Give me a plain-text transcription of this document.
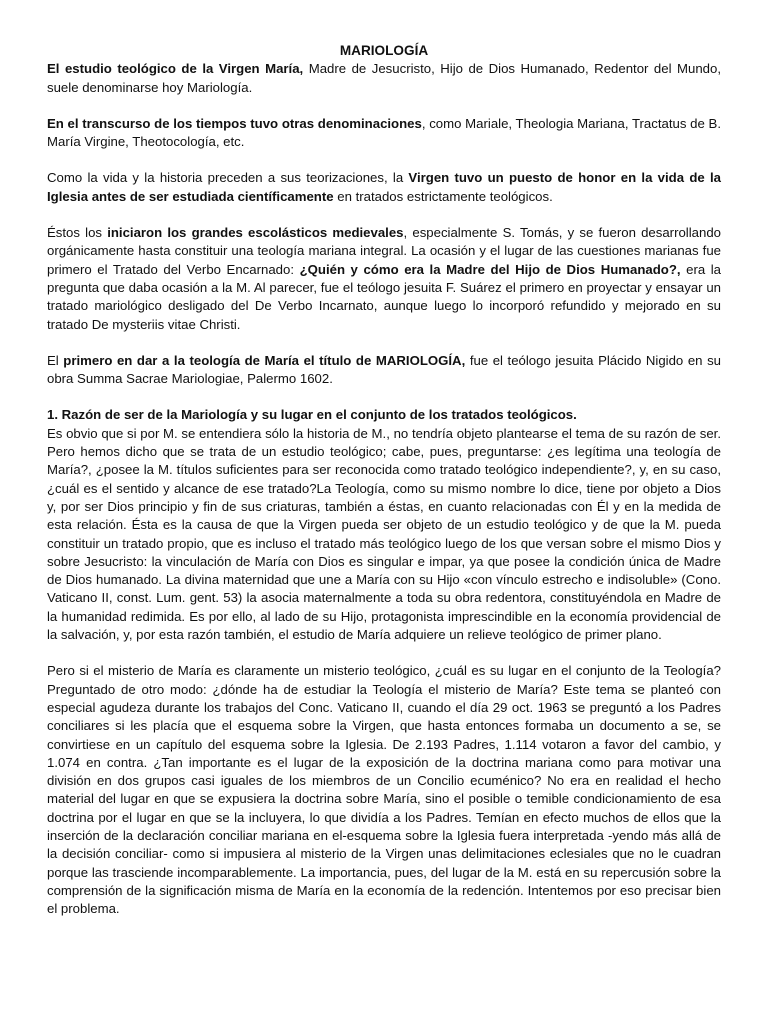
MARIOLOGÍA

El estudio teológico de la Virgen María, Madre de Jesucristo, Hijo de Dios Humanado, Redentor del Mundo, suele denominarse hoy Mariología.

En el transcurso de los tiempos tuvo otras denominaciones, como Mariale, Theologia Mariana, Tractatus de B. María Virgine, Theotocología, etc.

Como la vida y la historia preceden a sus teorizaciones, la Virgen tuvo un puesto de honor en la vida de la Iglesia antes de ser estudiada científicamente en tratados estrictamente teológicos.

Éstos los iniciaron los grandes escolásticos medievales, especialmente S. Tomás, y se fueron desarrollando orgánicamente hasta constituir una teología mariana integral. La ocasión y el lugar de las cuestiones marianas fue primero el Tratado del Verbo Encarnado: ¿Quién y cómo era la Madre del Hijo de Dios Humanado?, era la pregunta que daba ocasión a la M. Al parecer, fue el teólogo jesuita F. Suárez el primero en proyectar y ensayar un tratado mariológico desligado del De Verbo Incarnato, aunque luego lo incorporó refundido y mejorado en su tratado De mysteriis vitae Christi.

El primero en dar a la teología de María el título de MARIOLOGÍA, fue el teólogo jesuita Plácido Nigido en su obra Summa Sacrae Mariologiae, Palermo 1602.

1. Razón de ser de la Mariología y su lugar en el conjunto de los tratados teológicos.

Es obvio que si por M. se entendiera sólo la historia de M., no tendría objeto plantearse el tema de su razón de ser. Pero hemos dicho que se trata de un estudio teológico; cabe, pues, preguntarse: ¿es legítima una teología de María?, ¿posee la M. títulos suficientes para ser reconocida como tratado teológico independiente?, y, en su caso, ¿cuál es el sentido y alcance de ese tratado?La Teología, como su mismo nombre lo dice, tiene por objeto a Dios y, por ser Dios principio y fin de sus criaturas, también a éstas, en cuanto relacionadas con Él y en la medida de esta relación. Ésta es la causa de que la Virgen pueda ser objeto de un estudio teológico y de que la M. pueda constituir un tratado propio, que es incluso el tratado más teológico luego de los que versan sobre el mismo Dios y sobre Jesucristo: la vinculación de María con Dios es singular e impar, ya que posee la condición única de Madre de Dios humanado. La divina maternidad que une a María con su Hijo «con vínculo estrecho e indisoluble» (Cono. Vaticano II, const. Lum. gent. 53) la asocia maternalmente a toda su obra redentora, constituyéndola en Madre de la humanidad redimida. Es por ello, al lado de su Hijo, protagonista imprescindible en la economía providencial de la salvación, y, por esta razón también, el estudio de María adquiere un relieve teológico de primer plano.

Pero si el misterio de María es claramente un misterio teológico, ¿cuál es su lugar en el conjunto de la Teología? Preguntado de otro modo: ¿dónde ha de estudiar la Teología el misterio de María? Este tema se planteó con especial agudeza durante los trabajos del Conc. Vaticano II, cuando el día 29 oct. 1963 se preguntó a los Padres conciliares si les placía que el esquema sobre la Virgen, que hasta entonces formaba un documento a se, se convirtiese en un capítulo del esquema sobre la Iglesia. De 2.193 Padres, 1.114 votaron a favor del cambio, y 1.074 en contra. ¿Tan importante es el lugar de la exposición de la doctrina mariana como para motivar una división en dos grupos casi iguales de los miembros de un Concilio ecuménico? No era en realidad el hecho material del lugar en que se expusiera la doctrina sobre María, sino el posible o temible condicionamiento de esa doctrina por el lugar en que se la incluyera, lo que dividía a los Padres. Temían en efecto muchos de ellos que la inserción de la declaración conciliar mariana en el-esquema sobre la Iglesia fuera interpretada -yendo más allá de la decisión conciliar- como si impusiera al misterio de la Virgen unas delimitaciones eclesiales que no le cuadran porque las trasciende incomparablemente. La importancia, pues, del lugar de la M. está en su repercusión sobre la comprensión de la significación misma de María en la economía de la redención. Intentemos por eso precisar bien el problema.
